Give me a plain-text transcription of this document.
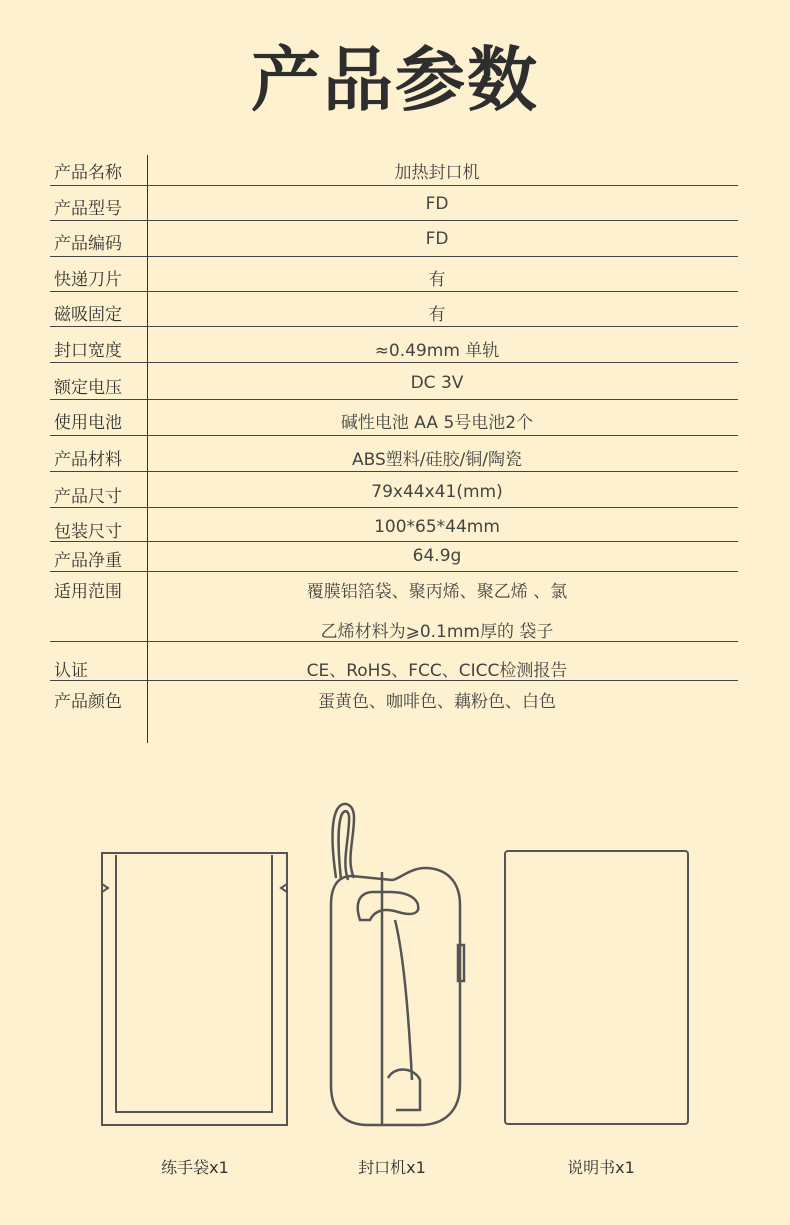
产品参数
产品名称	加热封口机
产品型号	FD
产品编码	FD
快递刀片	有
磁吸固定	有
封口宽度	≈0.49mm 单轨
额定电压	DC 3V
使用电池	碱性电池 AA 5号电池2个
产品材料	ABS塑料/硅胶/铜/陶瓷
产品尺寸	79x44x41(mm)
包装尺寸	100*65*44mm
产品净重	64.9g
适用范围	覆膜铝箔袋、聚丙烯、聚乙烯 、氯
乙烯材料为⩾0.1mm厚的 袋子
认证	CE、RoHS、FCC、CICC检测报告
产品颜色	蛋黄色、咖啡色、藕粉色、白色
练手袋x1	封口机x1	说明书x1
